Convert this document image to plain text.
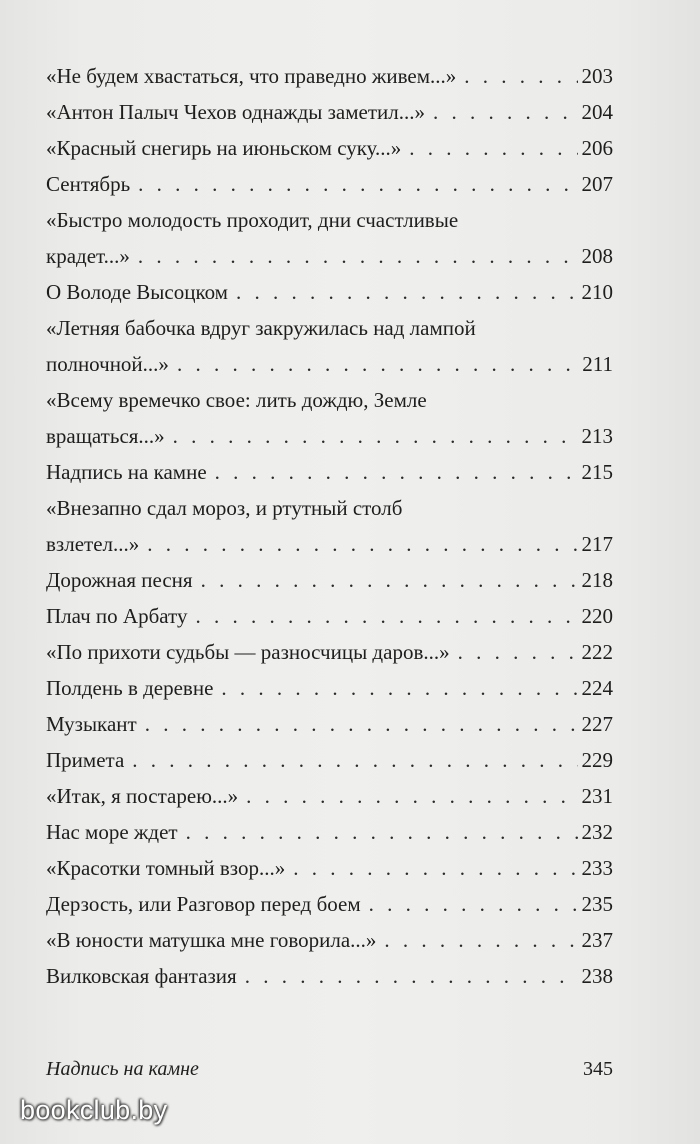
«Не будем хвастаться, что праведно живем...» . . .	203
«Антон Палыч Чехов однажды заметил...» . . .	204
«Красный снегирь на июньском суку...» . . .	206
Сентябрь . . .	207
«Быстро молодость проходит, дни счастливые
крадет...» . . .	208
О Володе Высоцком . . .	210
«Летняя бабочка вдруг закружилась над лампой
полночной...» . . .	211
«Всему времечко свое: лить дождю, Земле
вращаться...» . . .	213
Надпись на камне . . .	215
«Внезапно сдал мороз, и ртутный столб
взлетел...» . . .	217
Дорожная песня . . .	218
Плач по Арбату . . .	220
«По прихоти судьбы — разносчицы даров...» . . .	222
Полдень в деревне . . .	224
Музыкант . . .	227
Примета . . .	229
«Итак, я постарею...» . . .	231
Нас море ждет . . .	232
«Красотки томный взор...» . . .	233
Дерзость, или Разговор перед боем . . .	235
«В юности матушка мне говорила...» . . .	237
Вилковская фантазия . . .	238
Надпись на камне	345
bookclub.by
